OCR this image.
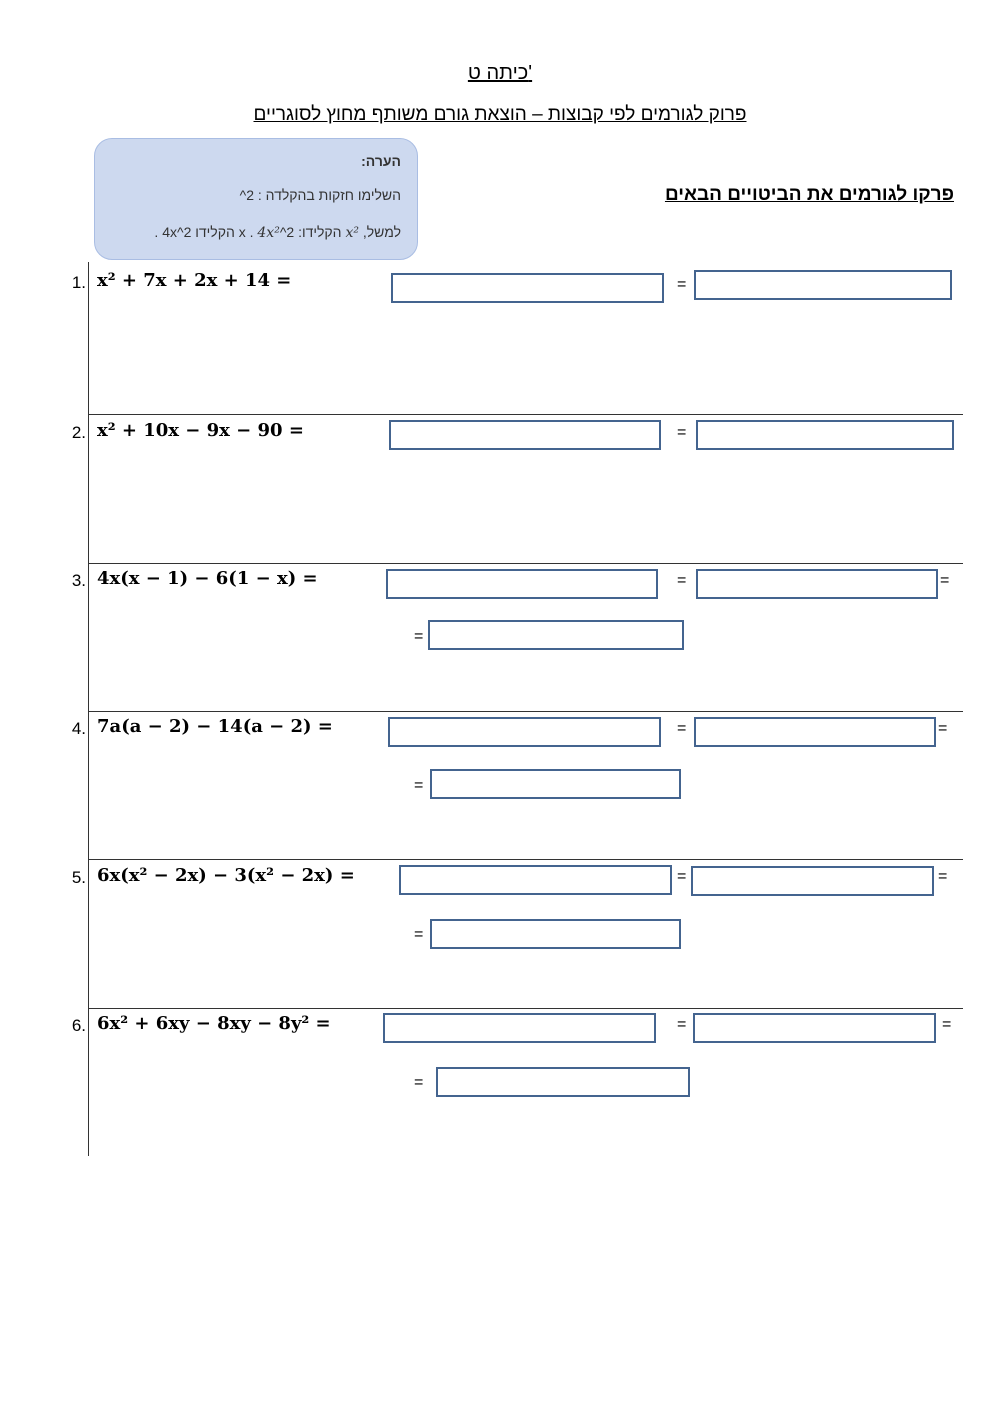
כיתה ט'
פרוק לגורמים לפי קבוצות – הוצאת גורם משותף מחוץ לסוגריים
פרקו לגורמים את הביטויים הבאים
הערה:
השלימו חזקות בהקלדה : 2^
למשל, x² הקלידו: 2^x . 4x² הקלידו 2^4x .
1. x² + 7x + 2x + 14 =	=
2. x² + 10x − 9x − 90 =	=
3. 4x(x − 1) − 6(1 − x) =	=	=
=
4. 7a(a − 2) − 14(a − 2) =	=	=
=
5. 6x(x² − 2x) − 3(x² − 2x) =	=	=
=
6. 6x² + 6xy − 8xy − 8y² =	=	=
=
